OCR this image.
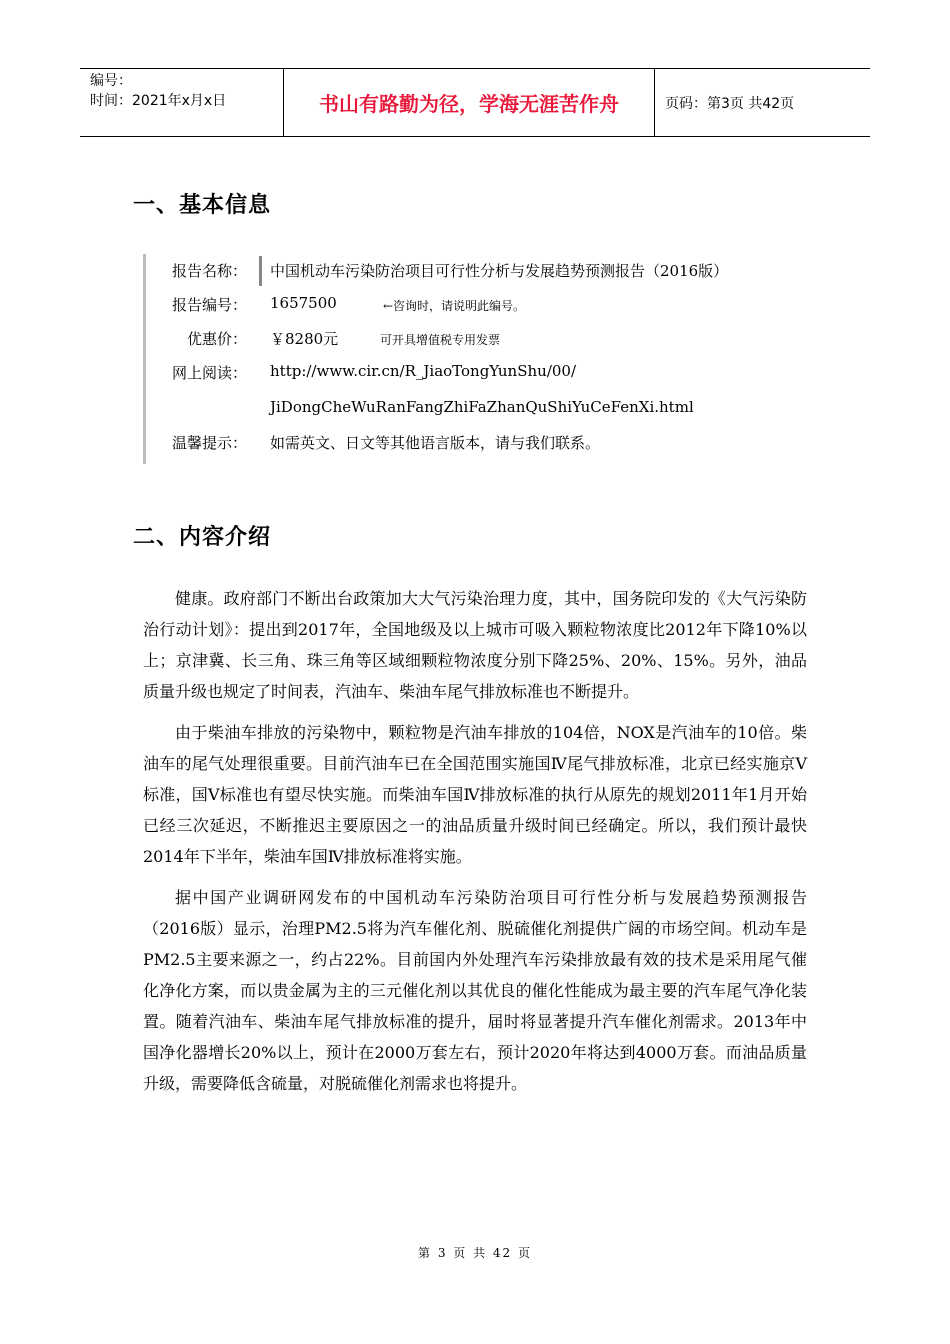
编号：
时间：2021年x月x日	书山有路勤为径，学海无涯苦作舟	页码：第3页 共42页
一、基本信息
报告名称： 中国机动车污染防治项目可行性分析与发展趋势预测报告（2016版）
报告编号： 1657500	←咨询时，请说明此编号。
优惠价： ￥8280元	可开具增值税专用发票
网上阅读： http://www.cir.cn/R_JiaoTongYunShu/00/
JiDongCheWuRanFangZhiFaZhanQuShiYuCeFenXi.html
温馨提示： 如需英文、日文等其他语言版本，请与我们联系。
二、内容介绍

健康。政府部门不断出台政策加大大气污染治理力度，其中，国务院印发的《大气污染防治行动计划》：提出到2017年，全国地级及以上城市可吸入颗粒物浓度比2012年下降10%以上；京津冀、长三角、珠三角等区域细颗粒物浓度分别下降25%、20%、15%。另外，油品质量升级也规定了时间表，汽油车、柴油车尾气排放标准也不断提升。

由于柴油车排放的污染物中，颗粒物是汽油车排放的104倍，NOX是汽油车的10倍。柴油车的尾气处理很重要。目前汽油车已在全国范围实施国Ⅳ尾气排放标准，北京已经实施京Ⅴ标准，国Ⅴ标准也有望尽快实施。而柴油车国Ⅳ排放标准的执行从原先的规划2011年1月开始已经三次延迟，不断推迟主要原因之一的油品质量升级时间已经确定。所以，我们预计最快2014年下半年，柴油车国Ⅳ排放标准将实施。

据中国产业调研网发布的中国机动车污染防治项目可行性分析与发展趋势预测报告（2016版）显示，治理PM2.5将为汽车催化剂、脱硫催化剂提供广阔的市场空间。机动车是PM2.5主要来源之一，约占22%。目前国内外处理汽车污染排放最有效的技术是采用尾气催化净化方案，而以贵金属为主的三元催化剂以其优良的催化性能成为最主要的汽车尾气净化装置。随着汽油车、柴油车尾气排放标准的提升，届时将显著提升汽车催化剂需求。2013年中国净化器增长20%以上，预计在2000万套左右，预计2020年将达到4000万套。而油品质量升级，需要降低含硫量，对脱硫催化剂需求也将提升。

第 3 页 共 42 页
